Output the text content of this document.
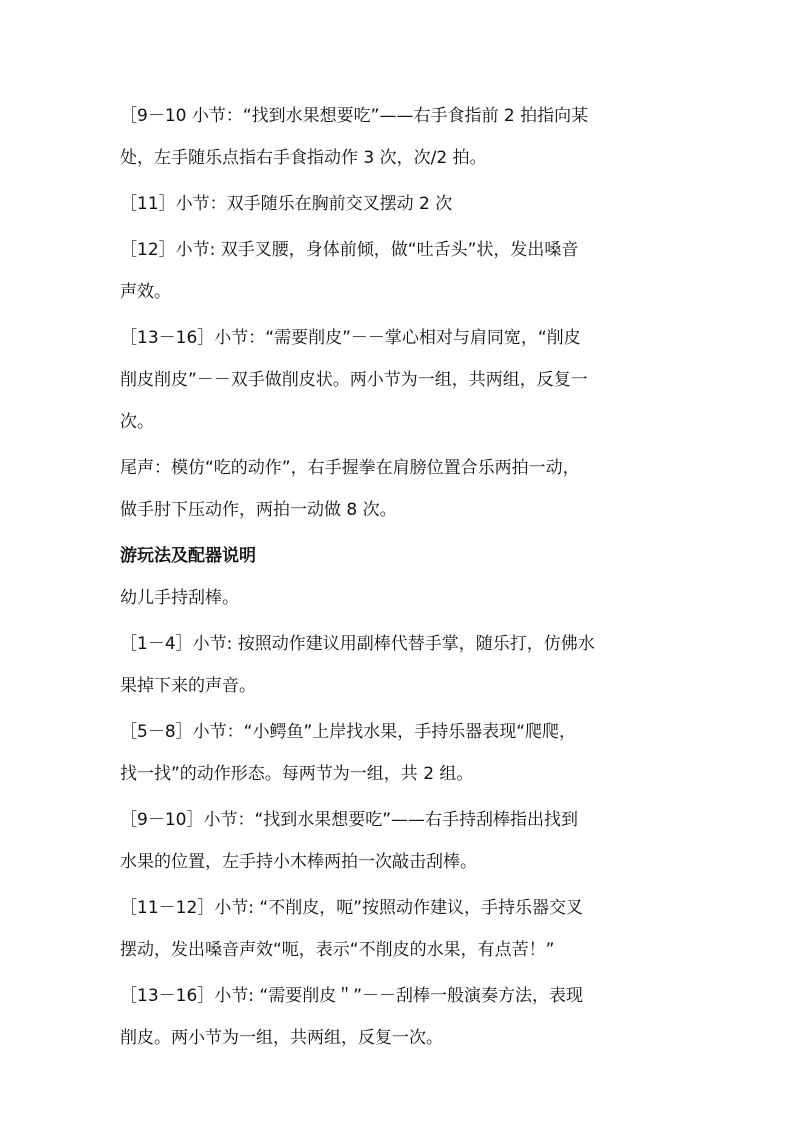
［9－10 小节：“找到水果想要吃”——右手食指前 2 拍指向某

处，左手随乐点指右手食指动作 3 次，次/2 拍。

［11］小节：双手随乐在胸前交叉摆动 2 次

［12］小节: 双手叉腰，身体前倾，做“吐舌头”状，发出嗓音

声效。

［13－16］小节：“需要削皮”－－掌心相对与肩同宽，“削皮

削皮削皮”－－双手做削皮状。两小节为一组，共两组，反复一

次。

尾声：模仿“吃的动作”，右手握拳在肩膀位置合乐两拍一动，

做手肘下压动作，两拍一动做 8 次。

游玩法及配器说明

幼儿手持刮棒。

［1－4］小节: 按照动作建议用副棒代替手掌，随乐打，仿佛水

果掉下来的声音。

［5－8］小节：“小鳄鱼”上岸找水果，手持乐器表现“爬爬，

找一找”的动作形态。每两节为一组，共 2 组。

［9－10］小节：“找到水果想要吃”——右手持刮棒指出找到

水果的位置，左手持小木棒两拍一次敲击刮棒。

［11－12］小节: “不削皮，呃”按照动作建议，手持乐器交叉

摆动，发出嗓音声效“呃，表示“不削皮的水果，有点苦！”

［13－16］小节: “需要削皮＂”－－刮棒一般演奏方法，表现

削皮。两小节为一组，共两组，反复一次。
